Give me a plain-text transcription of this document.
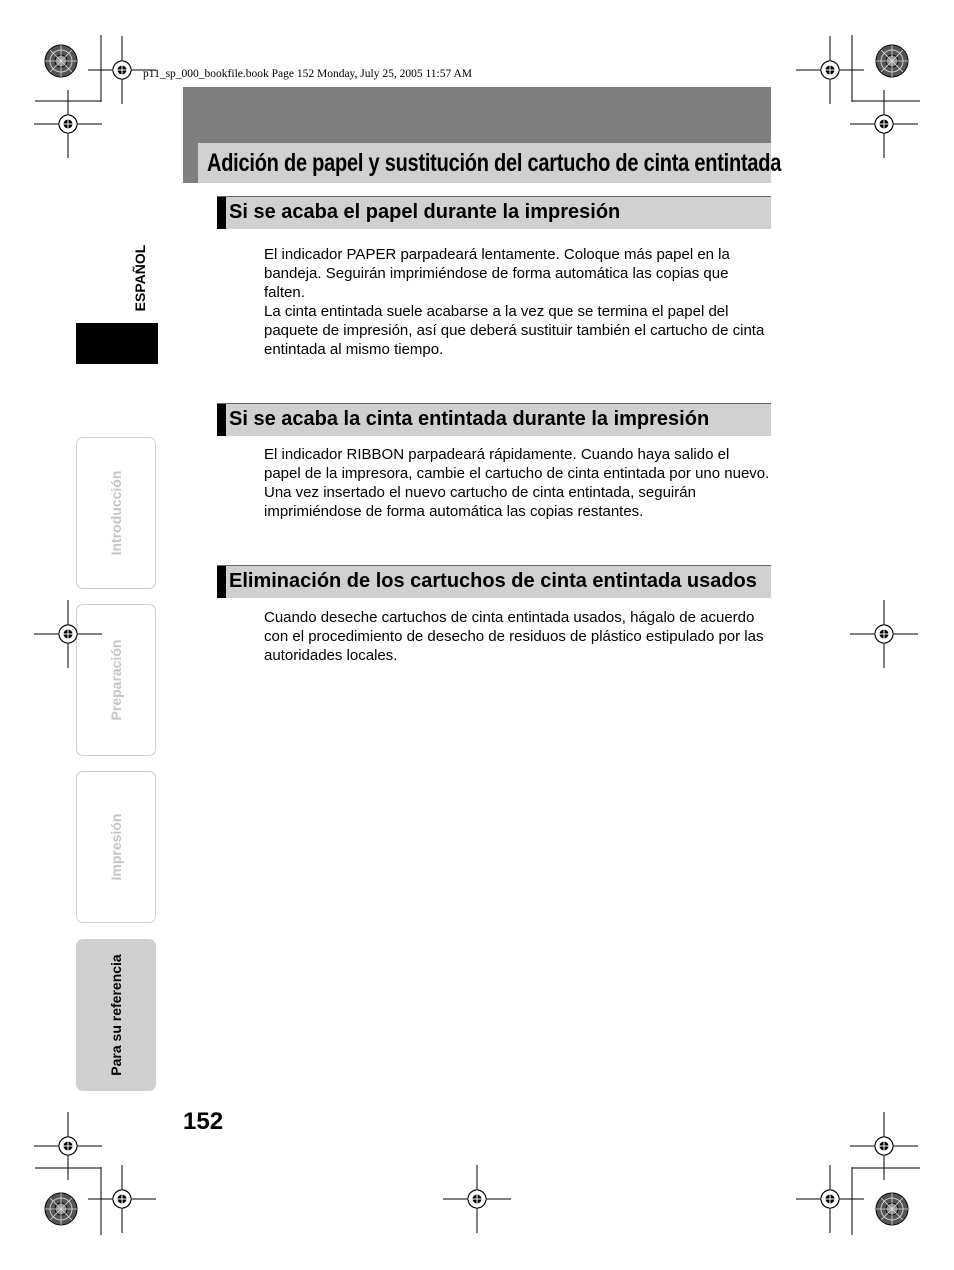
p11_sp_000_bookfile.book Page 152 Monday, July 25, 2005 11:57 AM
Adición de papel y sustitución del cartucho de cinta entintada
Si se acaba el papel durante la impresión

El indicador PAPER parpadeará lentamente. Coloque más papel en la bandeja. Seguirán imprimiéndose de forma automática las copias que falten.

La cinta entintada suele acabarse a la vez que se termina el papel del paquete de impresión, así que deberá sustituir también el cartucho de cinta entintada al mismo tiempo.

Si se acaba la cinta entintada durante la impresión

El indicador RIBBON parpadeará rápidamente. Cuando haya salido el papel de la impresora, cambie el cartucho de cinta entintada por uno nuevo. Una vez insertado el nuevo cartucho de cinta entintada, seguirán imprimiéndose de forma automática las copias restantes.

Eliminación de los cartuchos de cinta entintada usados

Cuando deseche cartuchos de cinta entintada usados, hágalo de acuerdo con el procedimiento de desecho de residuos de plástico estipulado por las autoridades locales.

ESPAÑOL
Introducción
Preparación
Impresión
Para su referencia
152
